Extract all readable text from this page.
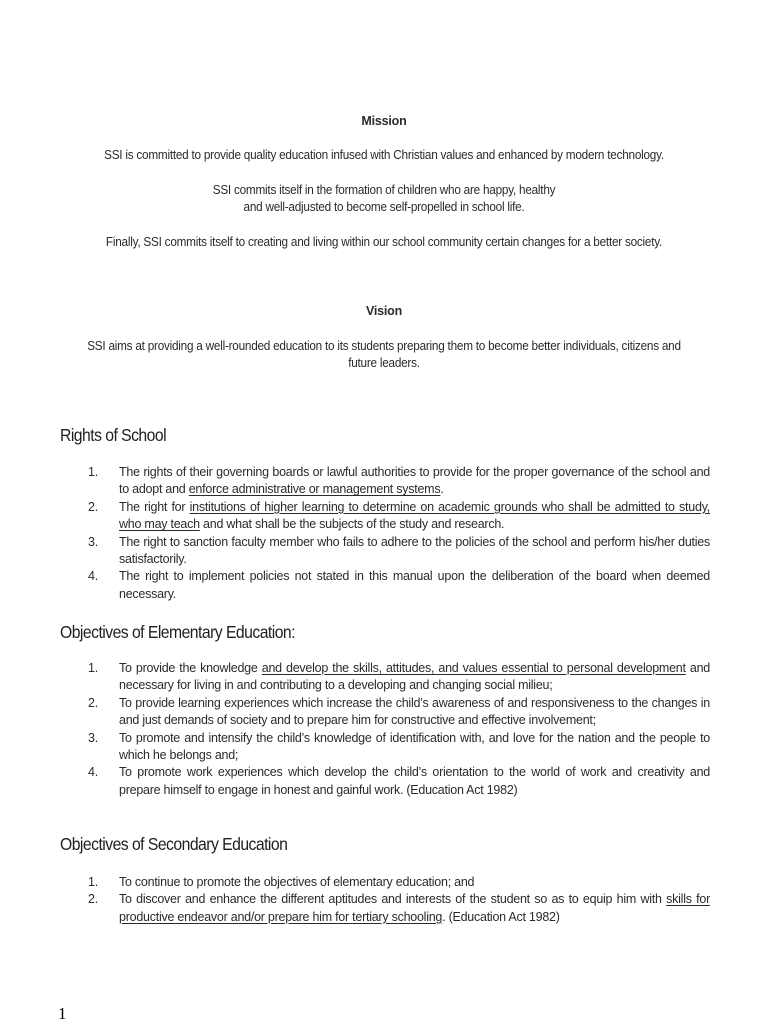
Mission
SSI is committed to provide quality education infused with Christian values and enhanced by modern technology.
SSI commits itself in the formation of children who are happy, healthy
and well-adjusted to become self-propelled in school life.
Finally, SSI commits itself to creating and living within our school community certain changes for a better society.
Vision
SSI aims at providing a well-rounded education to its students preparing them to become better individuals, citizens and future leaders.
Rights of School
1. The rights of their governing boards or lawful authorities to provide for the proper governance of the school and to adopt and enforce administrative or management systems.
2. The right for institutions of higher learning to determine on academic grounds who shall be admitted to study, who may teach and what shall be the subjects of the study and research.
3. The right to sanction faculty member who fails to adhere to the policies of the school and perform his/her duties satisfactorily.
4. The right to implement policies not stated in this manual upon the deliberation of the board when deemed necessary.
Objectives of Elementary Education:
1. To provide the knowledge and develop the skills, attitudes, and values essential to personal development and necessary for living in and contributing to a developing and changing social milieu;
2. To provide learning experiences which increase the child’s awareness of and responsiveness to the changes in and just demands of society and to prepare him for constructive and effective involvement;
3. To promote and intensify the child’s knowledge of identification with, and love for the nation and the people to which he belongs and;
4. To promote work experiences which develop the child’s orientation to the world of work and creativity and prepare himself to engage in honest and gainful work. (Education Act 1982)
Objectives of Secondary Education
1. To continue to promote the objectives of elementary education; and
2. To discover and enhance the different aptitudes and interests of the student so as to equip him with skills for productive endeavor and/or prepare him for tertiary schooling. (Education Act 1982)
1
